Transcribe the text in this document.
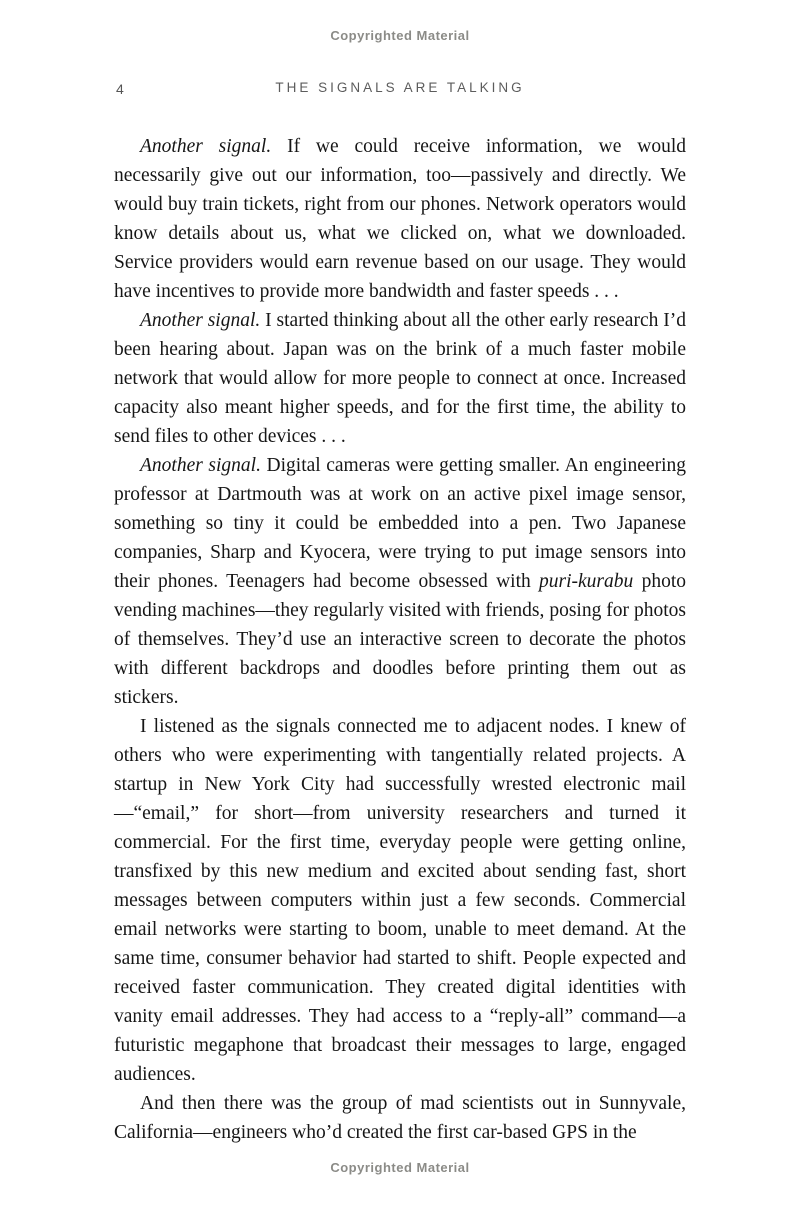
Copyrighted Material
4	THE SIGNALS ARE TALKING

Another signal. If we could receive information, we would necessarily give out our information, too—passively and directly. We would buy train tickets, right from our phones. Network operators would know details about us, what we clicked on, what we downloaded. Service providers would earn revenue based on our usage. They would have incentives to provide more bandwidth and faster speeds . . .

Another signal. I started thinking about all the other early research I’d been hearing about. Japan was on the brink of a much faster mobile network that would allow for more people to connect at once. Increased capacity also meant higher speeds, and for the first time, the ability to send files to other devices . . .

Another signal. Digital cameras were getting smaller. An engineering professor at Dartmouth was at work on an active pixel image sensor, something so tiny it could be embedded into a pen. Two Japanese companies, Sharp and Kyocera, were trying to put image sensors into their phones. Teenagers had become obsessed with puri-kurabu photo vending machines—they regularly visited with friends, posing for photos of themselves. They’d use an interactive screen to decorate the photos with different backdrops and doodles before printing them out as stickers.

I listened as the signals connected me to adjacent nodes. I knew of others who were experimenting with tangentially related projects. A startup in New York City had successfully wrested electronic mail—“email,” for short—from university researchers and turned it commercial. For the first time, everyday people were getting online, transfixed by this new medium and excited about sending fast, short messages between computers within just a few seconds. Commercial email networks were starting to boom, unable to meet demand. At the same time, consumer behavior had started to shift. People expected and received faster communication. They created digital identities with vanity email addresses. They had access to a “reply-all” command—a futuristic megaphone that broadcast their messages to large, engaged audiences.

And then there was the group of mad scientists out in Sunnyvale, California—engineers who’d created the first car-based GPS in the

Copyrighted Material
